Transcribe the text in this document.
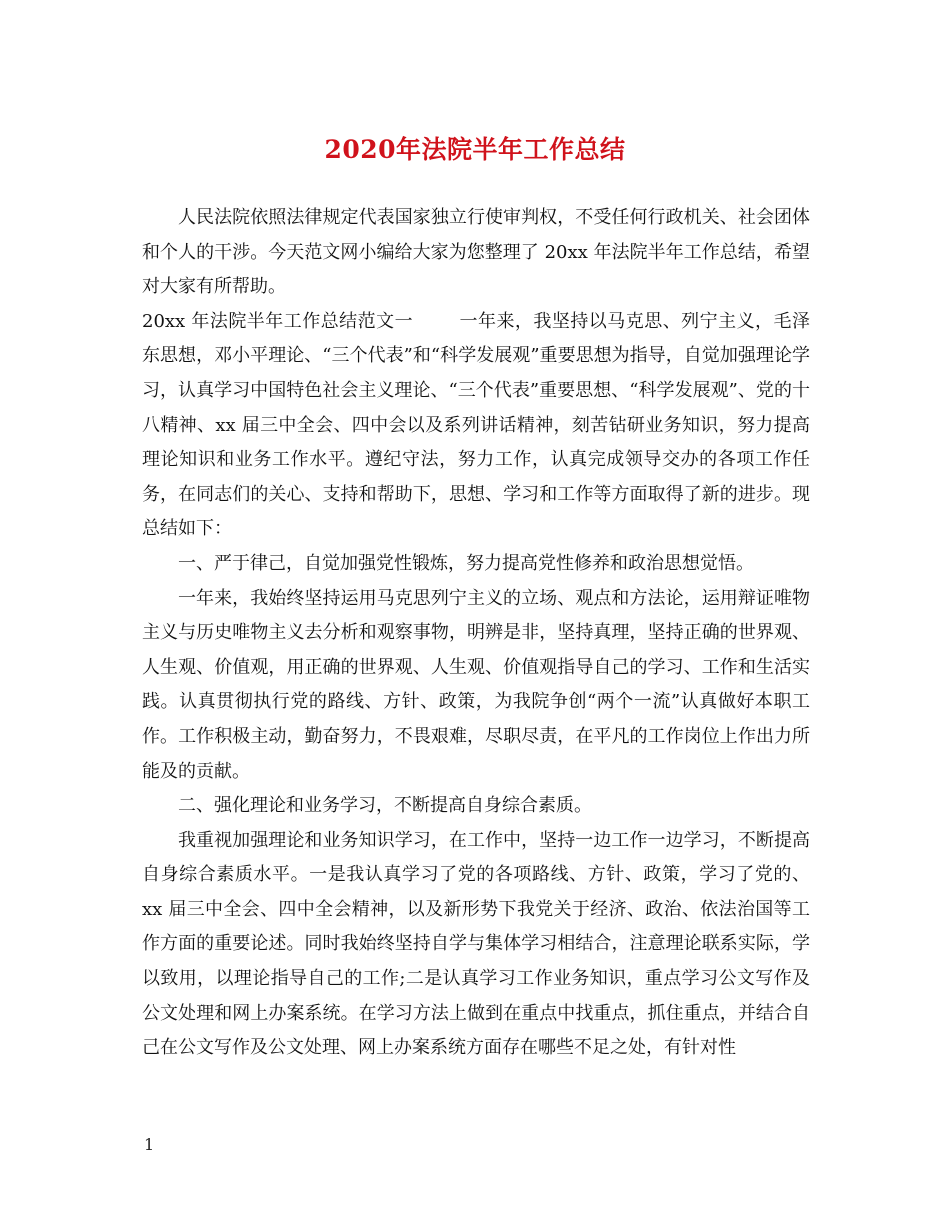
2020年法院半年工作总结

人民法院依照法律规定代表国家独立行使审判权，不受任何行政机关、社会团体和个人的干涉。今天范文网小编给大家为您整理了 20xx 年法院半年工作总结，希望对大家有所帮助。

20xx 年法院半年工作总结范文一	一年来，我坚持以马克思、列宁主义，毛泽东思想，邓小平理论、“三个代表”和“科学发展观”重要思想为指导，自觉加强理论学习，认真学习中国特色社会主义理论、“三个代表”重要思想、“科学发展观”、党的十八精神、xx 届三中全会、四中会以及系列讲话精神，刻苦钻研业务知识，努力提高理论知识和业务工作水平。遵纪守法，努力工作，认真完成领导交办的各项工作任务，在同志们的关心、支持和帮助下，思想、学习和工作等方面取得了新的进步。现总结如下：

一、严于律己，自觉加强党性锻炼，努力提高党性修养和政治思想觉悟。

一年来，我始终坚持运用马克思列宁主义的立场、观点和方法论，运用辩证唯物主义与历史唯物主义去分析和观察事物，明辨是非，坚持真理，坚持正确的世界观、人生观、价值观，用正确的世界观、人生观、价值观指导自己的学习、工作和生活实践。认真贯彻执行党的路线、方针、政策，为我院争创“两个一流”认真做好本职工作。工作积极主动，勤奋努力，不畏艰难，尽职尽责，在平凡的工作岗位上作出力所能及的贡献。

二、强化理论和业务学习，不断提高自身综合素质。

我重视加强理论和业务知识学习，在工作中，坚持一边工作一边学习，不断提高自身综合素质水平。一是我认真学习了党的各项路线、方针、政策，学习了党的、xx 届三中全会、四中全会精神，以及新形势下我党关于经济、政治、依法治国等工作方面的重要论述。同时我始终坚持自学与集体学习相结合，注意理论联系实际，学以致用，以理论指导自己的工作;二是认真学习工作业务知识，重点学习公文写作及公文处理和网上办案系统。在学习方法上做到在重点中找重点，抓住重点，并结合自己在公文写作及公文处理、网上办案系统方面存在哪些不足之处，有针对性

1
